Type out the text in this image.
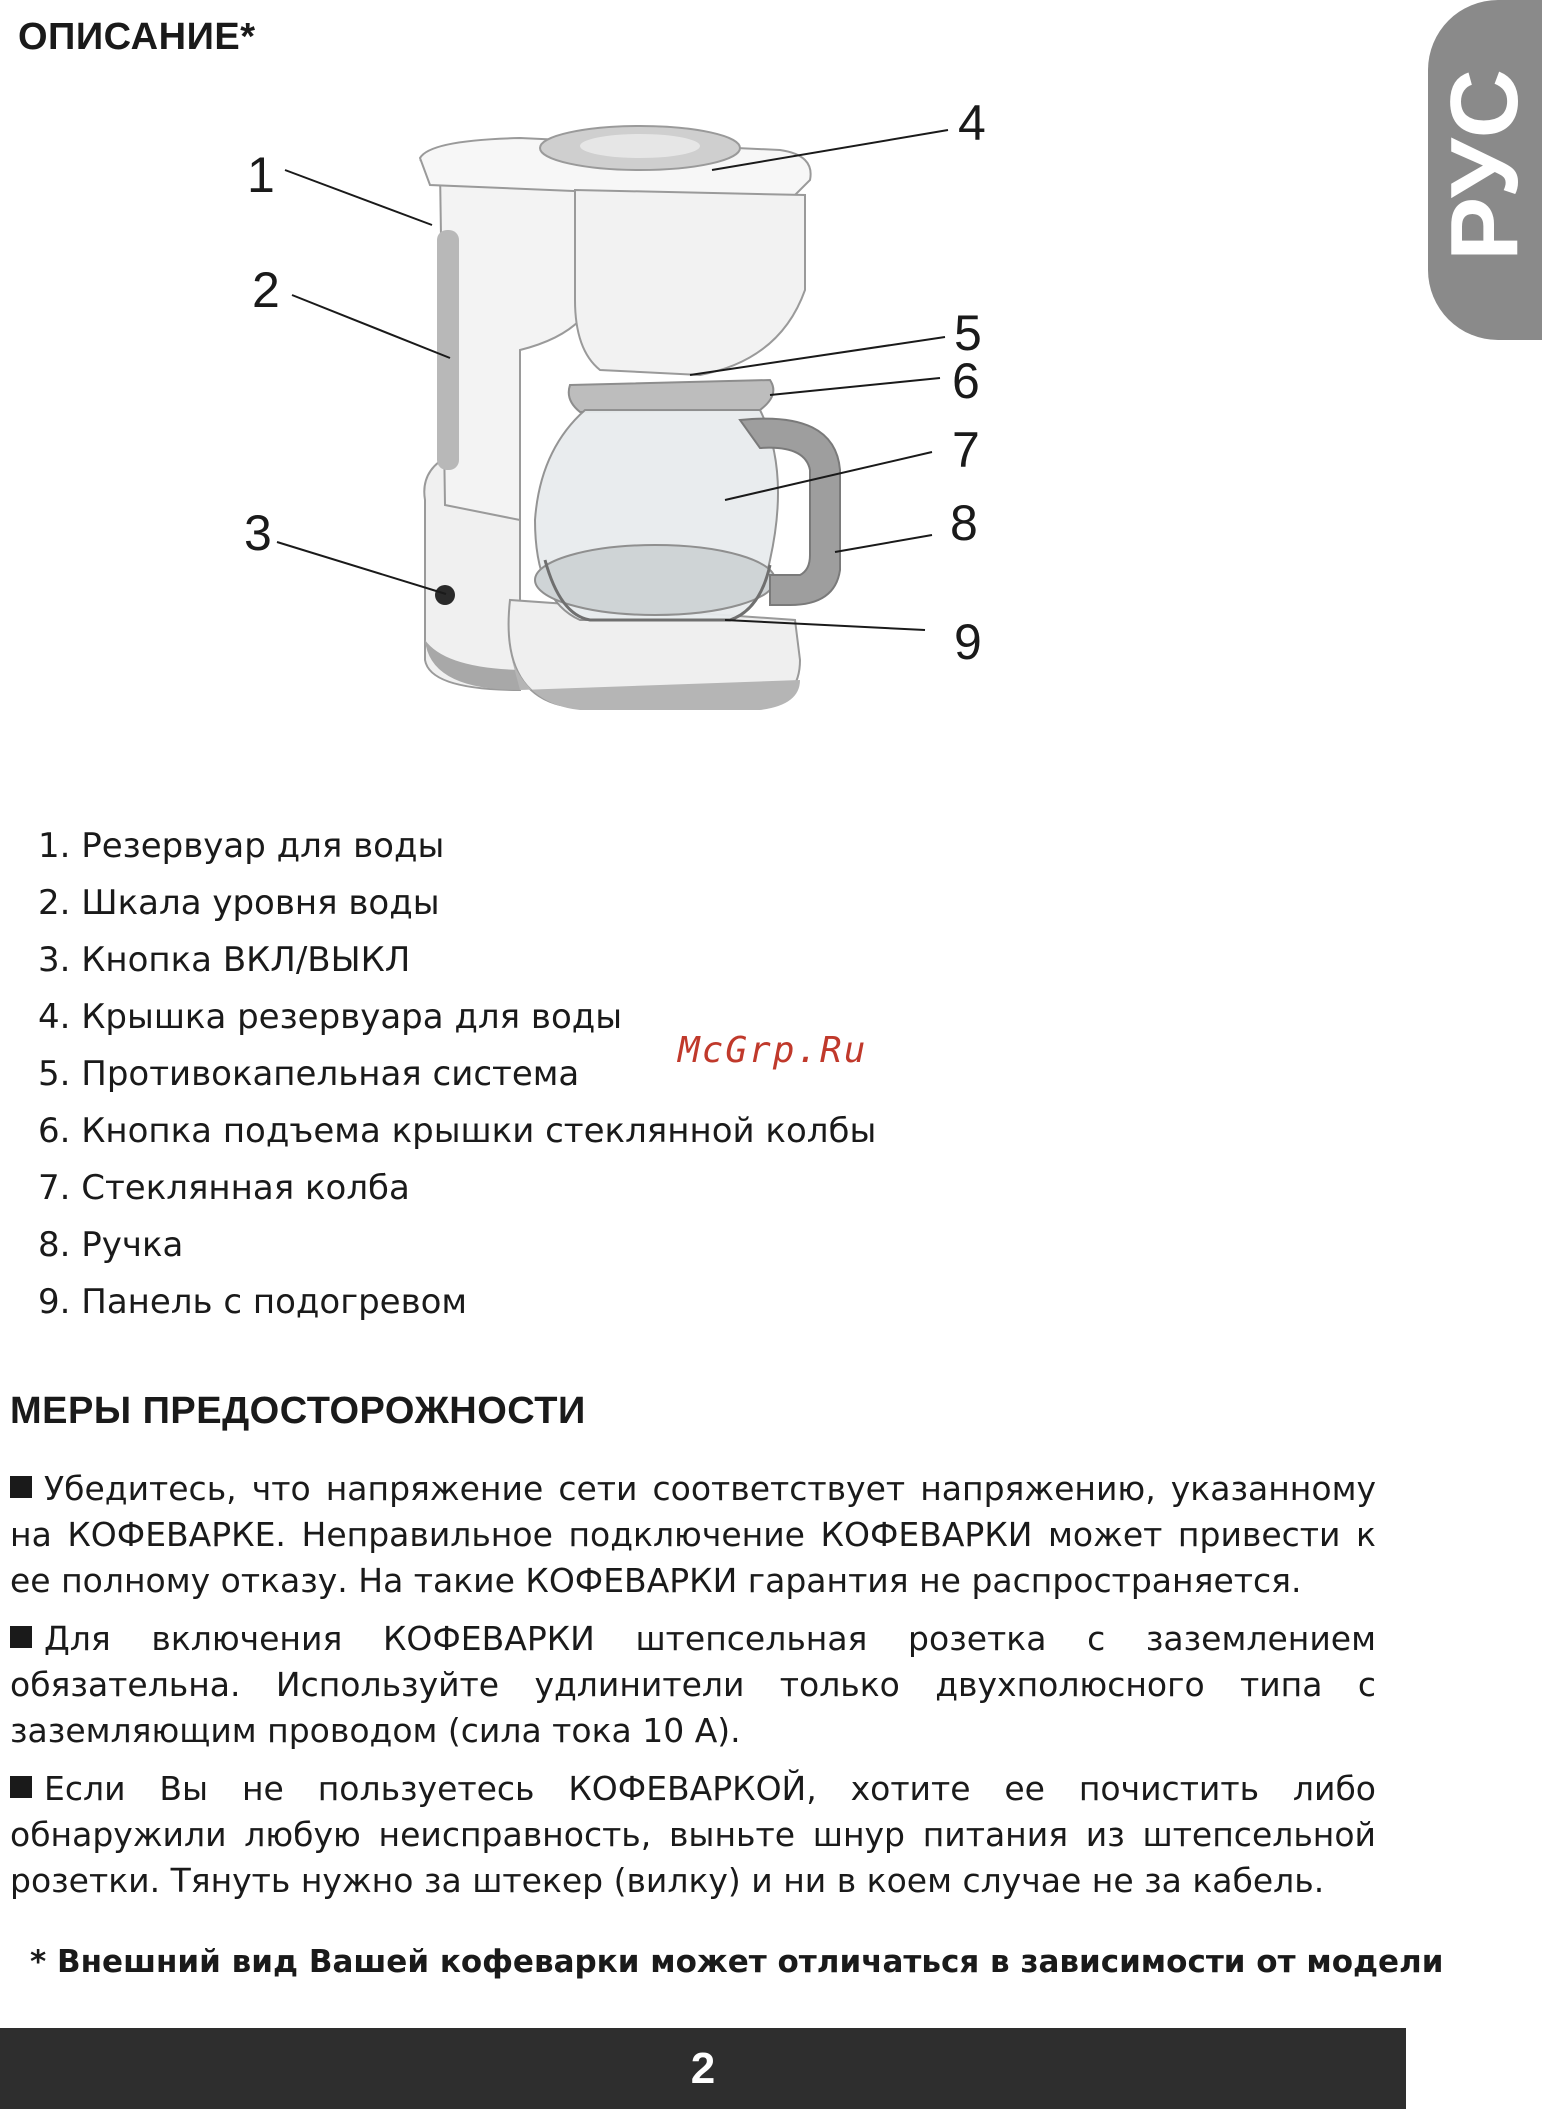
РУС
ОПИСАНИЕ*
1
2
3
4
5
6
7
8
9
1. Резервуар для воды
2. Шкала уровня воды
3. Кнопка ВКЛ/ВЫКЛ
4. Крышка резервуара для воды
5. Противокапельная система
6. Кнопка подъема крышки стеклянной колбы
7. Стеклянная колба
8. Ручка
9. Панель с подогревом
McGrp.Ru
МЕРЫ ПРЕДОСТОРОЖНОСТИ
Убедитесь, что напряжение сети соответствует напряжению, указанному на КОФЕВАРКЕ. Неправильное подключение КОФЕВАРКИ может привести к ее полному отказу. На такие КОФЕВАРКИ гарантия не распространяется.
Для включения КОФЕВАРКИ штепсельная розетка с заземлением обязательна. Используйте удлинители только двухполюсного типа с заземляющим проводом (сила тока 10 А).
Если Вы не пользуетесь КОФЕВАРКОЙ, хотите ее почистить либо обнаружили любую неисправность, выньте шнур питания из штепсельной розетки. Тянуть нужно за штекер (вилку) и ни в коем случае не за кабель.
* Внешний вид Вашей кофеварки может отличаться в зависимости от модели
2
